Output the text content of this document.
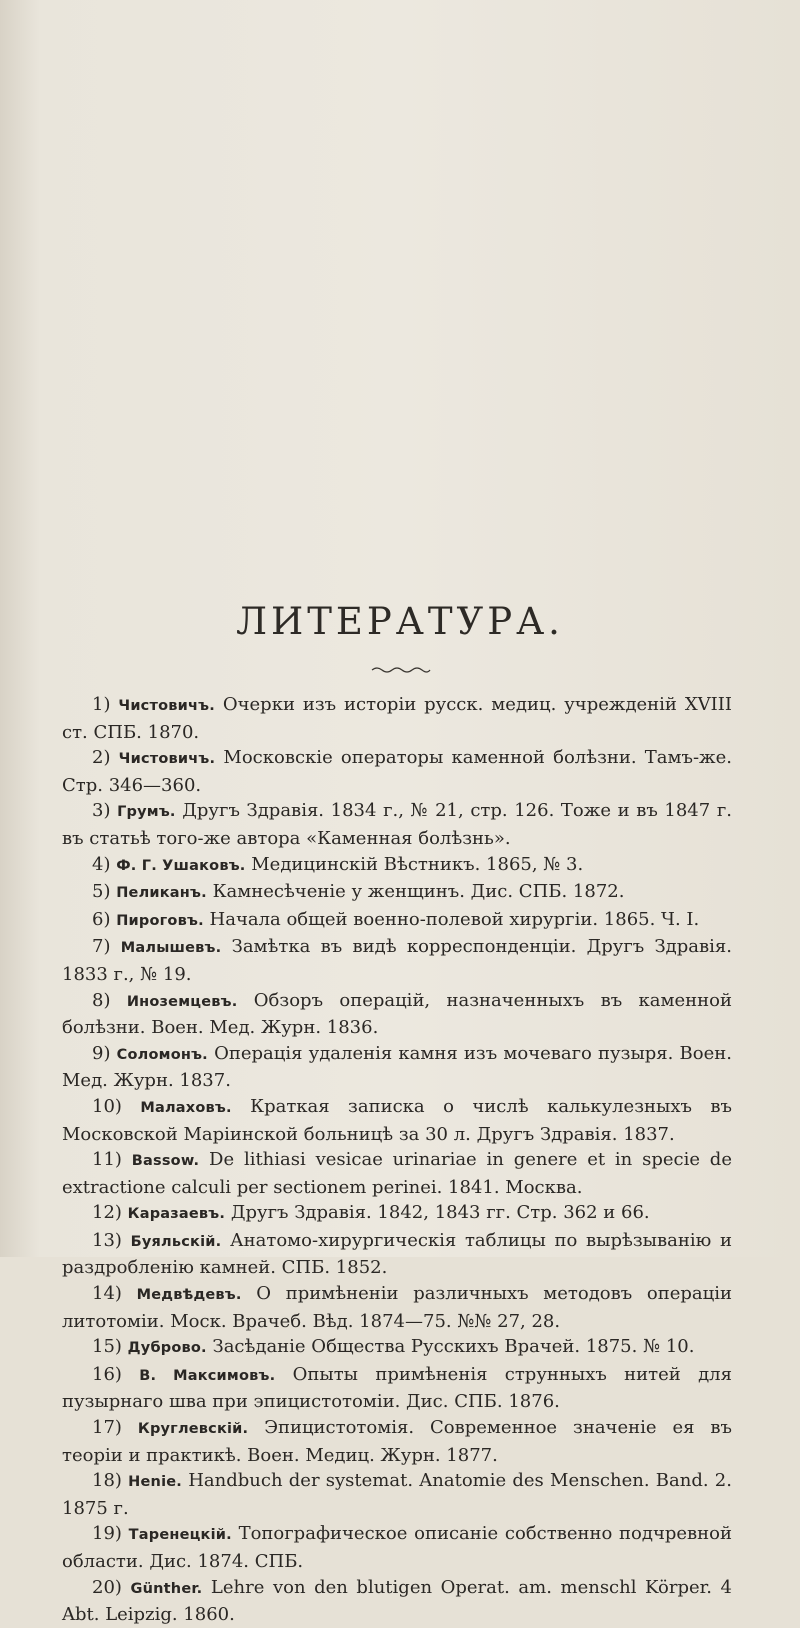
ЛИТЕРАТУРА.

1) Чистовичъ. Очерки изъ исторіи русск. медиц. учрежденій XVIII ст. СПБ. 1870.

2) Чистовичъ. Московскіе операторы каменной болѣзни. Тамъ-же. Стр. 346—360.

3) Грумъ. Другъ Здравія. 1834 г., № 21, стр. 126. Тоже и въ 1847 г. въ статьѣ того-же автора «Каменная болѣзнь».

4) Ф. Г. Ушаковъ. Медицинскій Вѣстникъ. 1865, № 3.

5) Пеликанъ. Камнесѣченіе у женщинъ. Дис. СПБ. 1872.

6) Пироговъ. Начала общей военно-полевой хирургіи. 1865. Ч. I.

7) Малышевъ. Замѣтка въ видѣ корреспонденціи. Другъ Здравія. 1833 г., № 19.

8) Иноземцевъ. Обзоръ операцій, назначенныхъ въ каменной болѣзни. Воен. Мед. Журн. 1836.

9) Соломонъ. Операція удаленія камня изъ мочеваго пузыря. Воен. Мед. Журн. 1837.

10) Малаховъ. Краткая записка о числѣ калькулезныхъ въ Московской Маріинской больницѣ за 30 л. Другъ Здравія. 1837.

11) Bassow. De lithiasi vesicae urinariae in genere et in specie de extractione calculi per sectionem perinei. 1841. Москва.

12) Каразаевъ. Другъ Здравія. 1842, 1843 гг. Стр. 362 и 66.

13) Буяльскій. Анатомо-хирургическія таблицы по вырѣзыванію и раздробленію камней. СПБ. 1852.

14) Медвѣдевъ. О примѣненіи различныхъ методовъ операціи литотоміи. Моск. Врачеб. Вѣд. 1874—75. №№ 27, 28.

15) Дуброво. Засѣданіе Общества Русскихъ Врачей. 1875. № 10.

16) В. Максимовъ. Опыты примѣненія струнныхъ нитей для пузырнаго шва при эпицистотоміи. Дис. СПБ. 1876.

17) Круглевскій. Эпицистотомія. Современное значеніе ея въ теоріи и практикѣ. Воен. Медиц. Журн. 1877.

18) Henie. Handbuch der systemat. Anatomie des Menschen. Band. 2. 1875 г.

19) Таренецкій. Топографическое описаніе собственно подчревной области. Дис. 1874. СПБ.

20) Günther. Lehre von den blutigen Operat. am. menschl Körper. 4 Abt. Leipzig. 1860.
